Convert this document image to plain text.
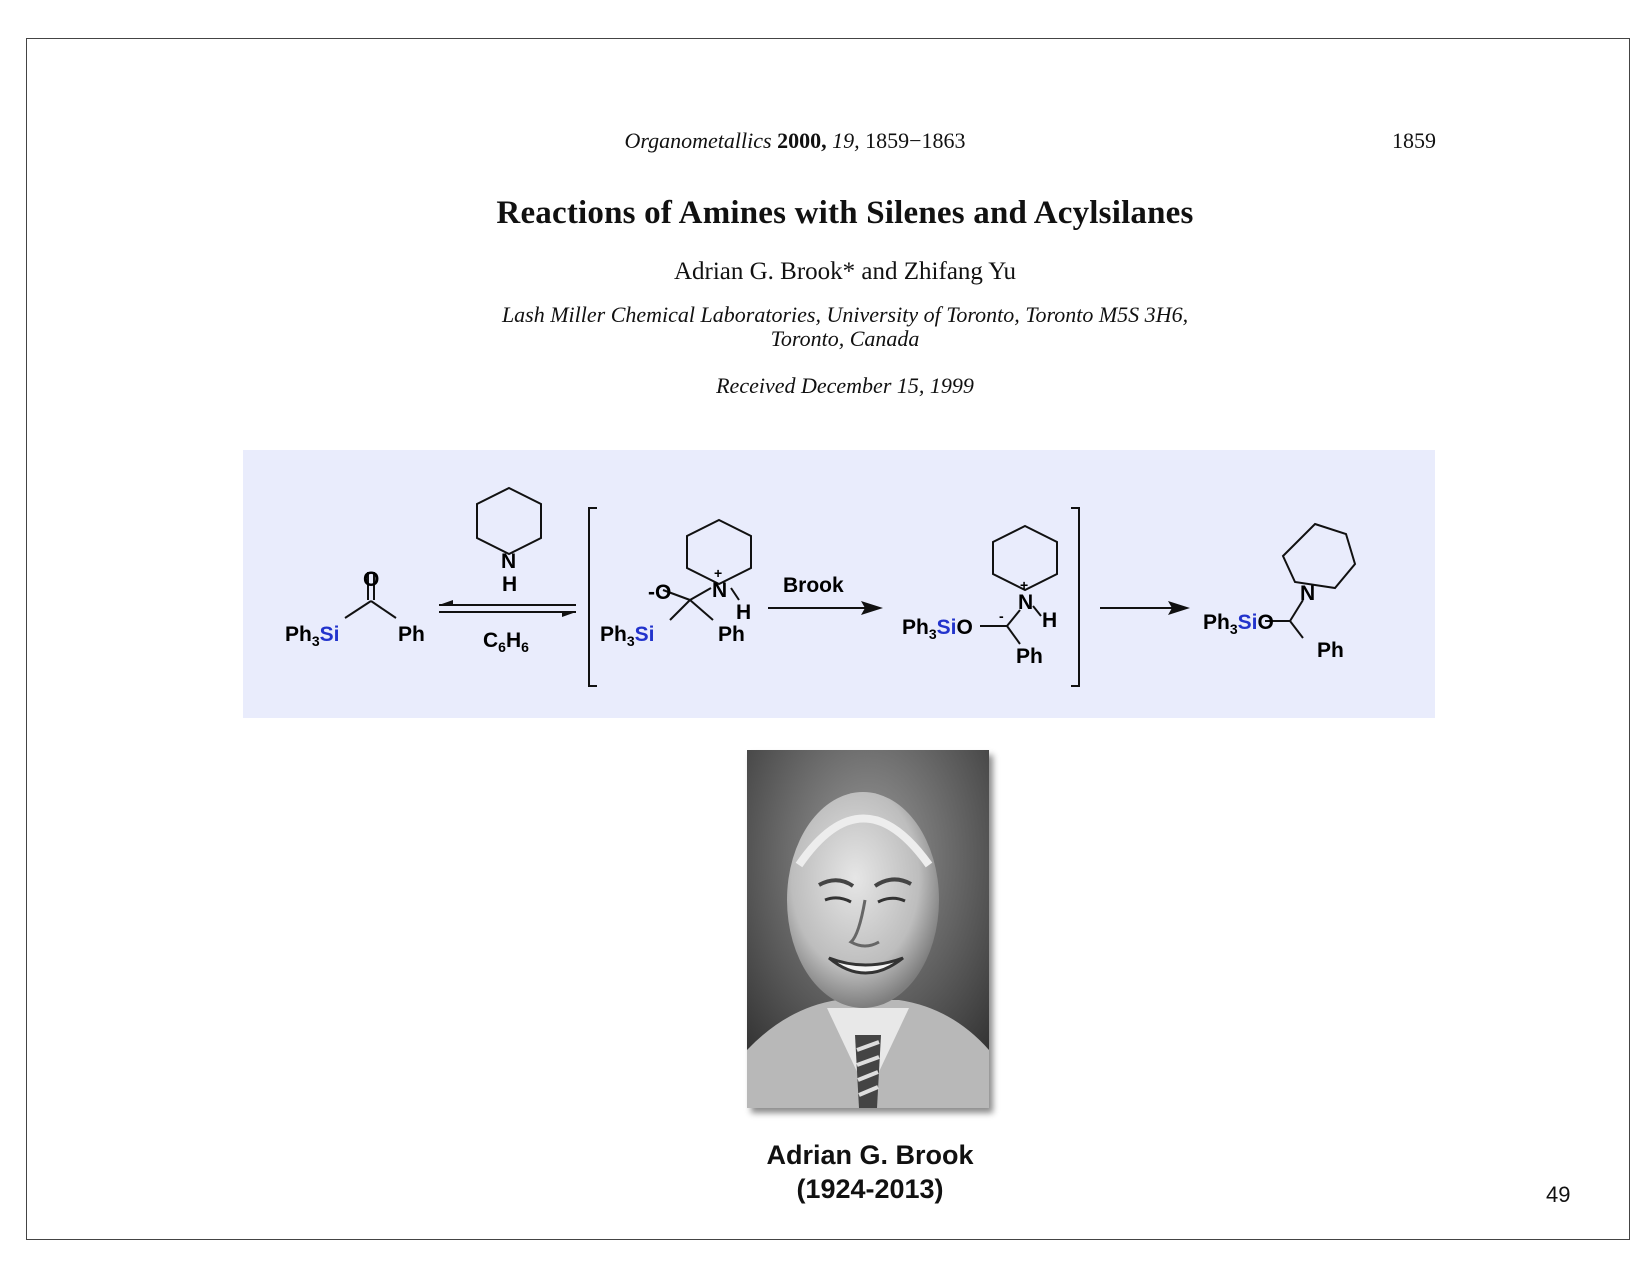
Organometallics 2000, 19, 1859−1863	1859
Reactions of Amines with Silenes and Acylsilanes
Adrian G. Brook* and Zhifang Yu
Lash Miller Chemical Laboratories, University of Toronto, Toronto M5S 3H6,
Toronto, Canada
Received December 15, 1999
$Ph_3Si$	Ph
O
N
H
$C_6H_6$
$Ph_3Si$
-O N
+
H
Ph
Brook
$Ph_3SiO$ -
N
+
H
Ph
$Ph_3SiO$
N
Ph
Adrian G. Brook
(1924-2013)	49
